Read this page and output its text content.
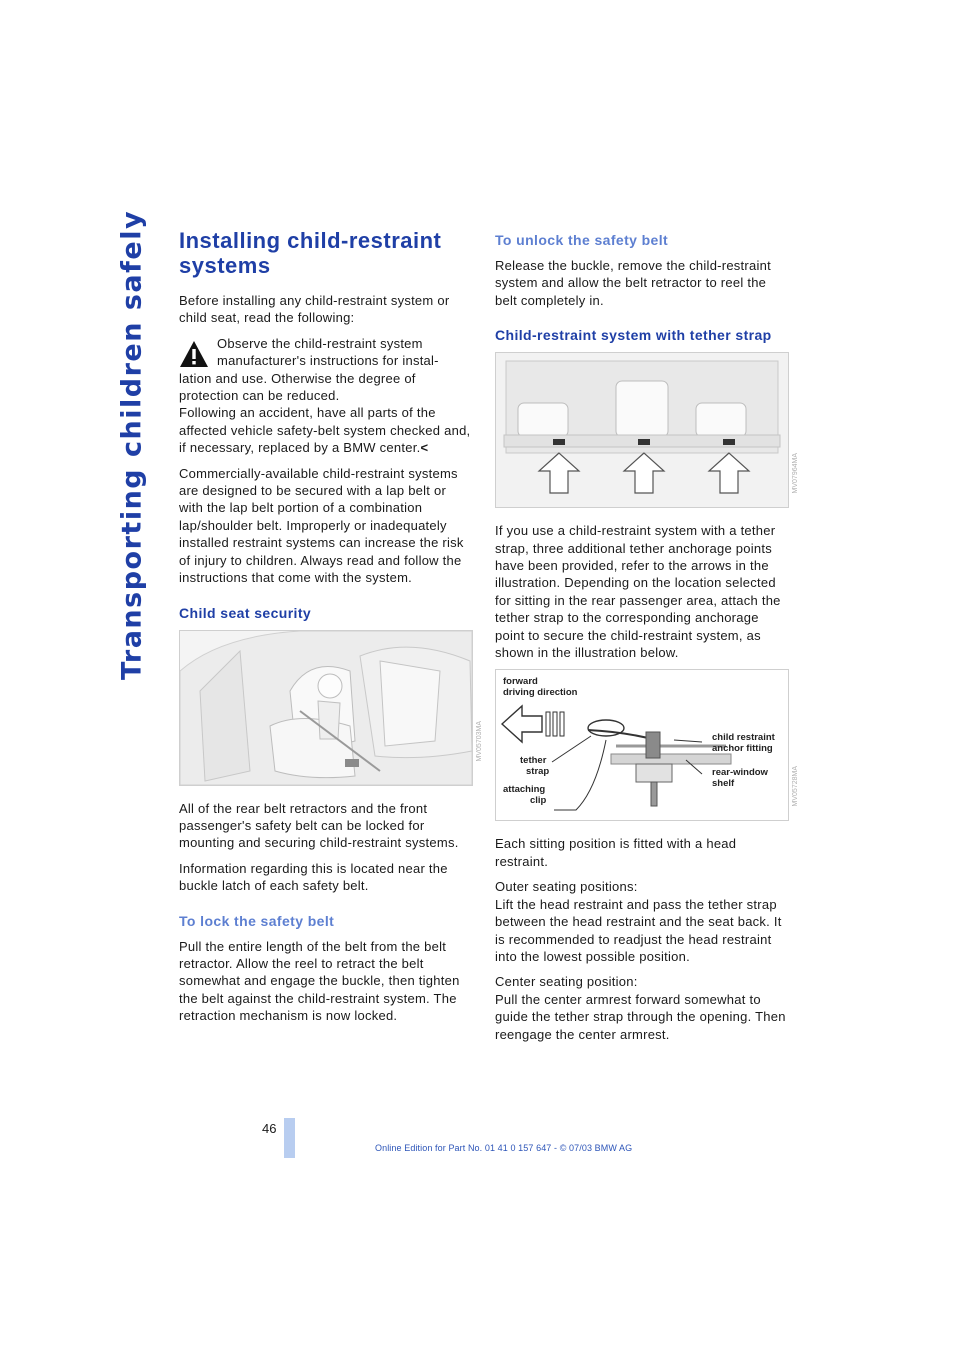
Transporting children safely Installing child-restraint systems

Before installing any child-restraint system or child seat, read the following:

Observe the child-restraint system
manufacturer's instructions for instal-
lation and use. Otherwise the degree of protection can be reduced.
Following an accident, have all parts of the affected vehicle safety-belt system checked and, if necessary, replaced by a BMW center.<

Commercially-available child-restraint systems are designed to be secured with a lap belt or with the lap belt portion of a combination lap/shoulder belt. Improperly or inadequately installed restraint systems can increase the risk of injury to children. Always read and follow the instructions that come with the system.

Child seat security
MV05703MA

All of the rear belt retractors and the front passenger's safety belt can be locked for mounting and securing child-restraint systems.

Information regarding this is located near the buckle latch of each safety belt.

To lock the safety belt

Pull the entire length of the belt from the belt retractor. Allow the reel to retract the belt somewhat and engage the buckle, then tighten the belt against the child-restraint system. The retraction mechanism is now locked.

To unlock the safety belt

Release the buckle, remove the child-restraint system and allow the belt retractor to reel the belt completely in.

Child-restraint system with tether strap
MV07964MA

If you use a child-restraint system with a tether strap, three additional tether anchorage points have been provided, refer to the arrows in the illustration. Depending on the location selected for sitting in the rear passenger area, attach the tether strap to the corresponding anchorage point to secure the child-restraint system, as shown in the illustration below.

forward
driving direction
child restraint
anchor fitting
tether
strap	rear-window
shelf
attaching
clip	MV05728MA

Each sitting position is fitted with a head restraint.

Outer seating positions:
Lift the head restraint and pass the tether strap between the head restraint and the seat back. It is recommended to readjust the head restraint into the lowest possible position.

Center seating position:
Pull the center armrest forward somewhat to guide the tether strap through the opening. Then reengage the center armrest.

46
Online Edition for Part No. 01 41 0 157 647 - © 07/03 BMW AG
